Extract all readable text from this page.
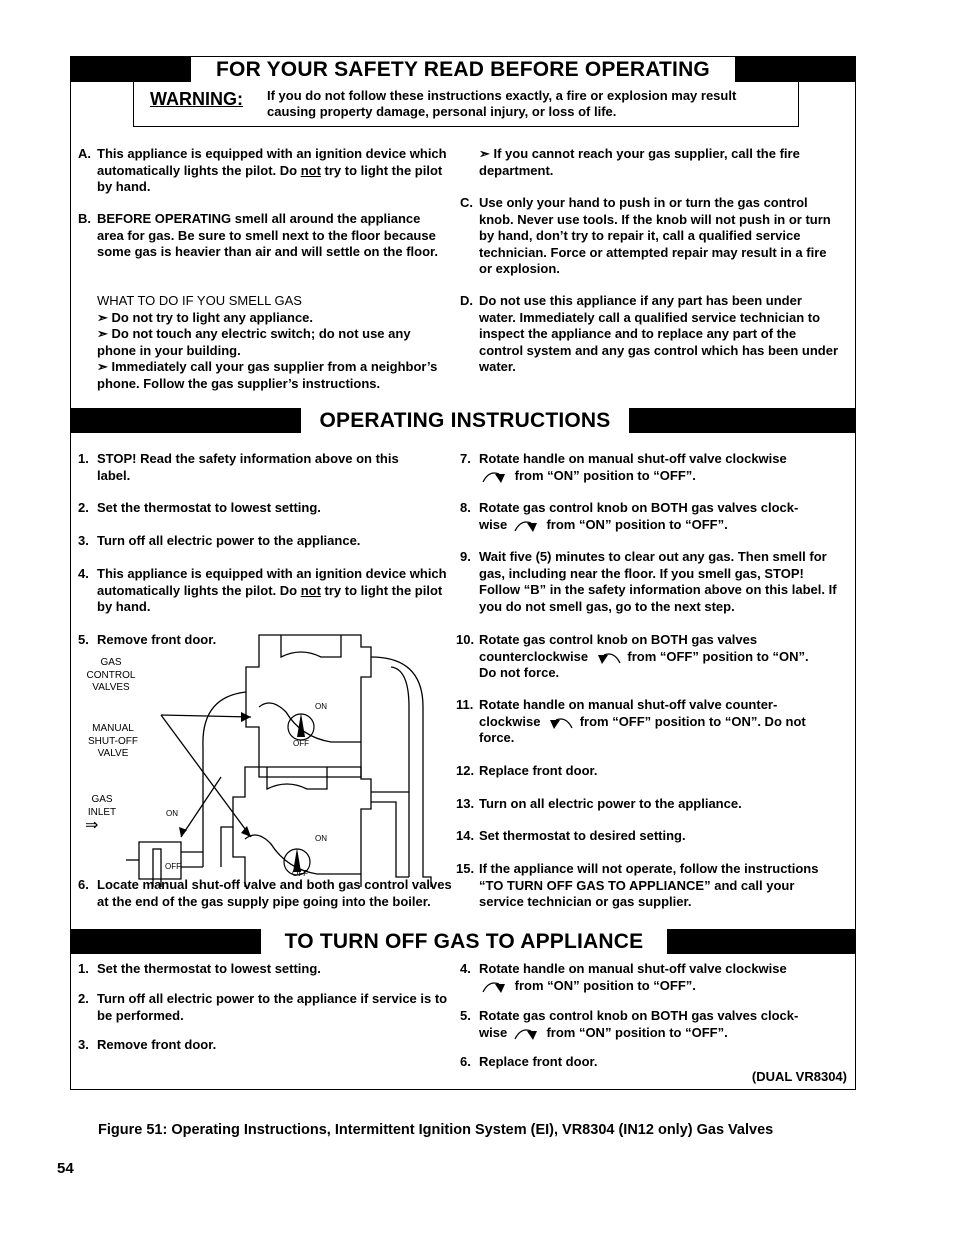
FOR YOUR SAFETY READ BEFORE OPERATING
WARNING: If you do not follow these instructions exactly, a fire or explosion may result causing property damage, personal injury, or loss of life.
A. This appliance is equipped with an ignition device which automatically lights the pilot. Do not try to light the pilot by hand.
B. BEFORE OPERATING smell all around the appliance area for gas. Be sure to smell next to the floor because some gas is heavier than air and will settle on the floor.
WHAT TO DO IF YOU SMELL GAS
➣ Do not try to light any appliance.
➣ Do not touch any electric switch; do not use any phone in your building.
➣ Immediately call your gas supplier from a neighbor’s phone. Follow the gas supplier’s instructions.
➣ If you cannot reach your gas supplier, call the fire department.
C. Use only your hand to push in or turn the gas control knob. Never use tools. If the knob will not push in or turn by hand, don’t try to repair it, call a qualified service technician. Force or attempted repair may result in a fire or explosion.
D. Do not use this appliance if any part has been under water. Immediately call a qualified service technician to inspect the appliance and to replace any part of the control system and any gas control which has been under water.
OPERATING INSTRUCTIONS
1. STOP! Read the safety information above on this label.
2. Set the thermostat to lowest setting.
3. Turn off all electric power to the appliance.
4. This appliance is equipped with an ignition device which automatically lights the pilot. Do not try to light the pilot by hand.
5. Remove front door.
6. Locate manual shut-off valve and both gas control valves at the end of the gas supply pipe going into the boiler.
GAS
CONTROL
VALVES
MANUAL
SHUT-OFF
VALVE
GAS
INLET
⇒
ON
OFF
ON
OFF
ON
OFF
7. Rotate handle on manual shut-off valve clockwise
from “ON” position to “OFF”.
8. Rotate gas control knob on BOTH gas valves clock-
wise	from “ON” position to “OFF”.
9. Wait five (5) minutes to clear out any gas. Then smell for gas, including near the floor. If you smell gas, STOP! Follow “B” in the safety information above on this label. If you do not smell gas, go to the next step.
10. Rotate gas control knob on BOTH gas valves
counterclockwise	from “OFF” position to “ON”.
Do not force.
11. Rotate handle on manual shut-off valve counter-
clockwise	from “OFF” position to “ON”. Do not
force.
12. Replace front door.
13. Turn on all electric power to the appliance.
14. Set thermostat to desired setting.
15. If the appliance will not operate, follow the instructions “TO TURN OFF GAS TO APPLIANCE” and call your service technician or gas supplier.
TO TURN OFF GAS TO APPLIANCE
1. Set the thermostat to lowest setting.
2. Turn off all electric power to the appliance if service is to be performed.
3. Remove front door.
4. Rotate handle on manual shut-off valve clockwise
from “ON” position to “OFF”.
5. Rotate gas control knob on BOTH gas valves clock-
wise	from “ON” position to “OFF”.
6. Replace front door.
(DUAL VR8304)
Figure 51: Operating Instructions, Intermittent Ignition System (EI), VR8304 (IN12 only) Gas Valves
54
